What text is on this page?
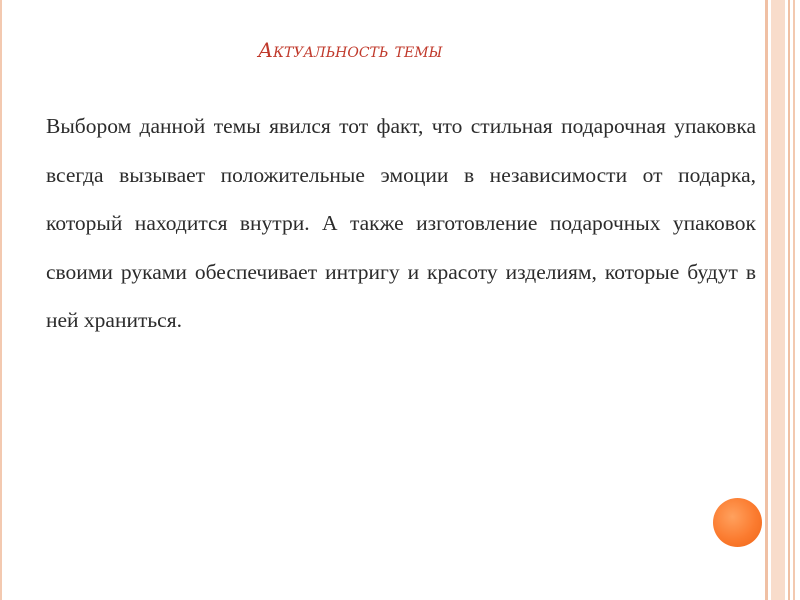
Актуальность темы

Выбором данной темы явился тот факт, что стильная подарочная упаковка всегда вызывает положительные эмоции в независимости от подарка, который находится внутри. А также изготовление подарочных упаковок своими руками обеспечивает интригу и красоту изделиям, которые будут в ней храниться.
